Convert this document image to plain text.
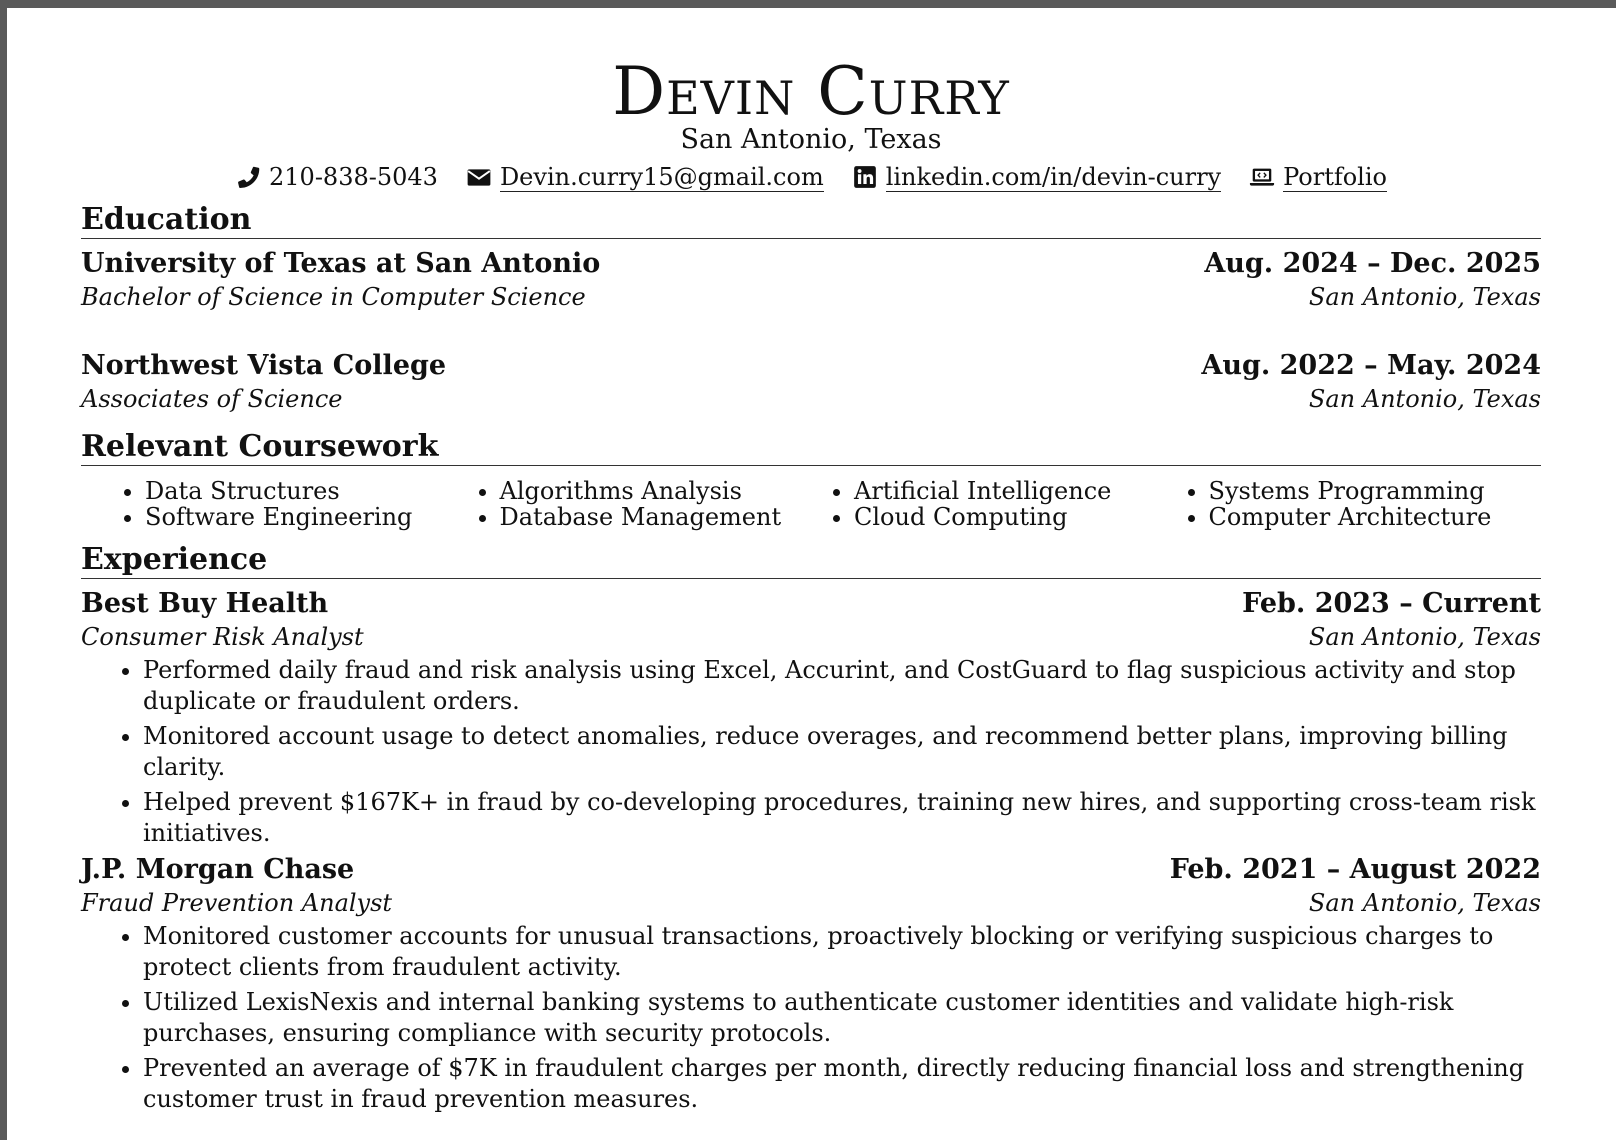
Devin Curry
San Antonio, Texas
210-838-5043	Devin.curry15@gmail.com	linkedin.com/in/devin-curry	Portfolio
Education
University of Texas at San Antonio	Aug. 2024 – Dec. 2025
Bachelor of Science in Computer Science	San Antonio, Texas
Northwest Vista College	Aug. 2022 – May. 2024
Associates of Science	San Antonio, Texas
Relevant Coursework
• Data Structures
• Software Engineering
• Algorithms Analysis
• Database Management
• Artificial Intelligence
• Cloud Computing
• Systems Programming
• Computer Architecture
Experience
Best Buy Health	Feb. 2023 – Current
Consumer Risk Analyst	San Antonio, Texas
• Performed daily fraud and risk analysis using Excel, Accurint, and CostGuard to flag suspicious activity and stop duplicate or fraudulent orders.
• Monitored account usage to detect anomalies, reduce overages, and recommend better plans, improving billing clarity.
• Helped prevent $167K+ in fraud by co-developing procedures, training new hires, and supporting cross-team risk initiatives.
J.P. Morgan Chase	Feb. 2021 – August 2022
Fraud Prevention Analyst	San Antonio, Texas
• Monitored customer accounts for unusual transactions, proactively blocking or verifying suspicious charges to protect clients from fraudulent activity.
• Utilized LexisNexis and internal banking systems to authenticate customer identities and validate high-risk purchases, ensuring compliance with security protocols.
• Prevented an average of $7K in fraudulent charges per month, directly reducing financial loss and strengthening customer trust in fraud prevention measures.
